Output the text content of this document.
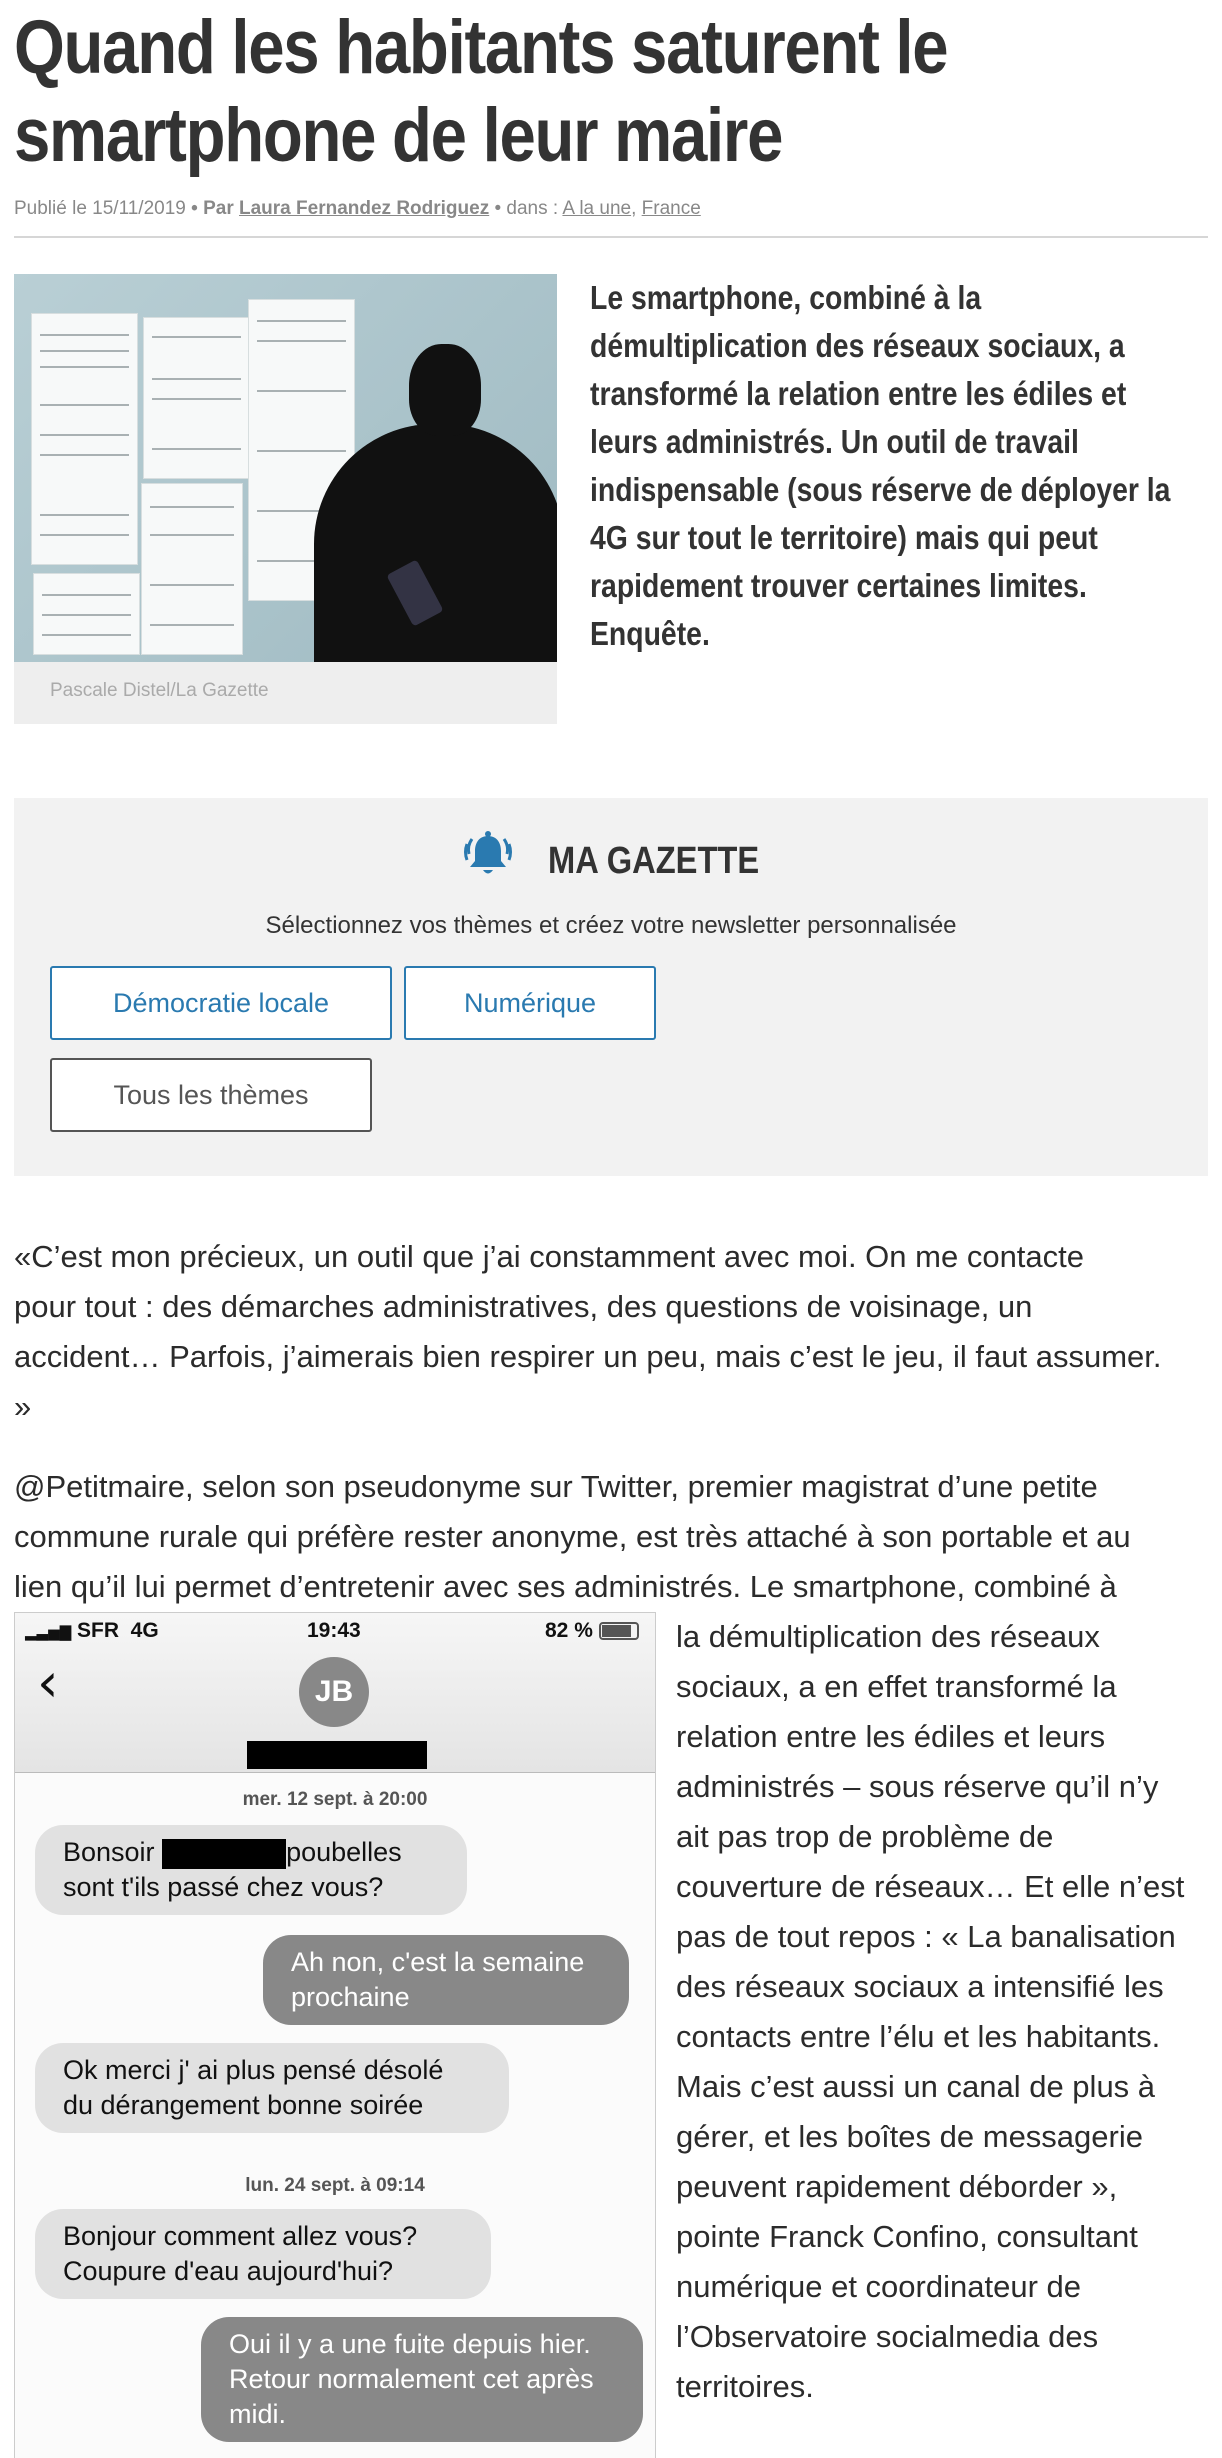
Quand les habitants saturent le
smartphone de leur maire
Publié le 15/11/2019 • Par Laura Fernandez Rodriguez • dans : A la une, France
Pascale Distel/La Gazette
Le smartphone, combiné à la
démultiplication des réseaux sociaux, a
transformé la relation entre les édiles et
leurs administrés. Un outil de travail
indispensable (sous réserve de déployer la
4G sur tout le territoire) mais qui peut
rapidement trouver certaines limites.
Enquête.
MA GAZETTE
Sélectionnez vos thèmes et créez votre newsletter personnalisée
Démocratie locale	Numérique
Tous les thèmes
«C’est mon précieux, un outil que j’ai constamment avec moi. On me contacte
pour tout : des démarches administratives, des questions de voisinage, un
accident… Parfois, j’aimerais bien respirer un peu, mais c’est le jeu, il faut assumer.
»
@Petitmaire, selon son pseudonyme sur Twitter, premier magistrat d’une petite
commune rurale qui préfère rester anonyme, est très attaché à son portable et au
lien qu’il lui permet d’entretenir avec ses administrés. Le smartphone, combiné à
▂▃▅▇ SFR 4G	19:43	82 %
‹	JB
mer. 12 sept. à 20:00
Bonsoir	poubelles
sont t'ils passé chez vous?
Ah non, c'est la semaine
prochaine
Ok merci j' ai plus pensé désolé
du dérangement bonne soirée
lun. 24 sept. à 09:14
Bonjour comment allez vous?
Coupure d'eau aujourd'hui?
Oui il y a une fuite depuis hier.
Retour normalement cet après
midi.
la démultiplication des réseaux
sociaux, a en effet transformé la
relation entre les édiles et leurs
administrés – sous réserve qu’il n’y
ait pas trop de problème de
couverture de réseaux… Et elle n’est
pas de tout repos : « La banalisation
des réseaux sociaux a intensifié les
contacts entre l’élu et les habitants.
Mais c’est aussi un canal de plus à
gérer, et les boîtes de messagerie
peuvent rapidement déborder »,
pointe Franck Confino, consultant
numérique et coordinateur de
l’Observatoire socialmedia des
territoires.
